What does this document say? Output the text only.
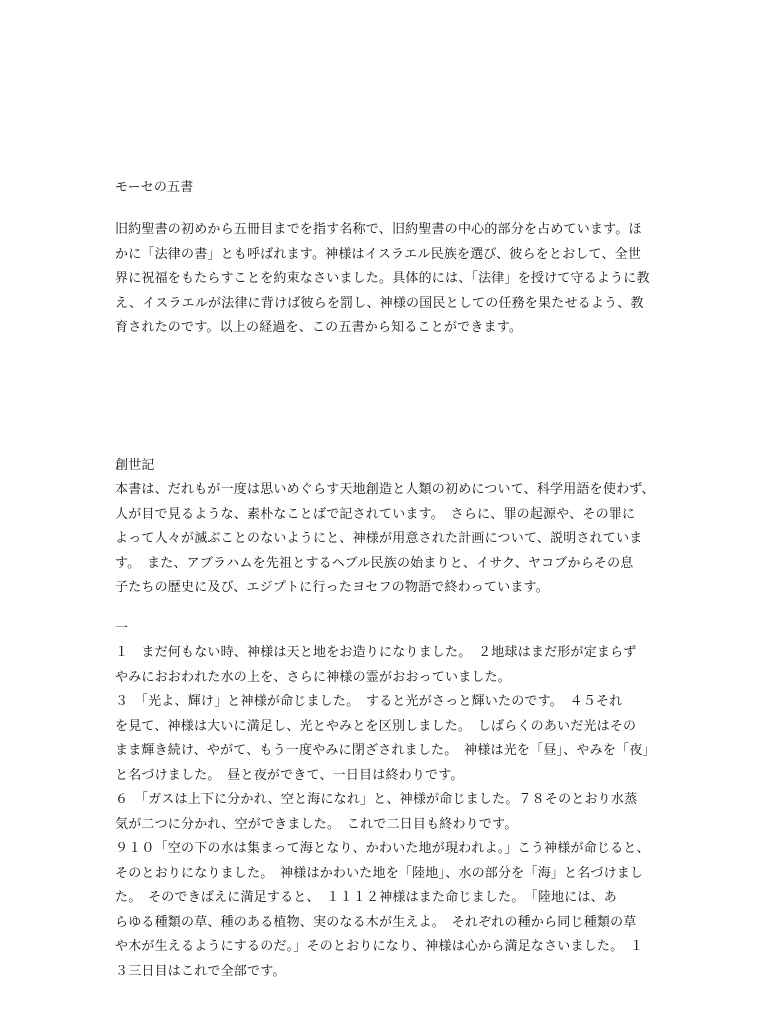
モーセの五書
旧約聖書の初めから五冊目までを指す名称で、旧約聖書の中心的部分を占めています。ほ
かに「法律の書」とも呼ばれます。神様はイスラエル民族を選び、彼らをとおして、全世
界に祝福をもたらすことを約束なさいました。具体的には、「法律」を授けて守るように教
え、イスラエルが法律に背けば彼らを罰し、神様の国民としての任務を果たせるよう、教
育されたのです。以上の経過を、この五書から知ることができます。
創世記
本書は、だれもが一度は思いめぐらす天地創造と人類の初めについて、科学用語を使わず、
人が目で見るような、素朴なことばで記されています。　さらに、罪の起源や、その罪に
よって人々が滅ぶことのないようにと、神様が用意された計画について、説明されていま
す。　また、アブラハムを先祖とするヘブル民族の始まりと、イサク、ヤコブからその息
子たちの歴史に及び、エジプトに行ったヨセフの物語で終わっています。
一
１　まだ何もない時、神様は天と地をお造りになりました。　２地球はまだ形が定まらず
やみにおおわれた水の上を、さらに神様の霊がおおっていました。
３　「光よ、輝け」と神様が命じました。　すると光がさっと輝いたのです。　４５それ
を見て、神様は大いに満足し、光とやみとを区別しました。　しばらくのあいだ光はその
まま輝き続け、やがて、もう一度やみに閉ざされました。　神様は光を「昼」、やみを「夜」
と名づけました。　昼と夜ができて、一日目は終わりです。
６　「ガスは上下に分かれ、空と海になれ」と、神様が命じました。７８そのとおり水蒸
気が二つに分かれ、空ができました。　これで二日目も終わりです。
９１０「空の下の水は集まって海となり、かわいた地が現われよ。」こう神様が命じると、
そのとおりになりました。　神様はかわいた地を「陸地」、水の部分を「海」と名づけまし
た。　そのできばえに満足すると、　１１１２神様はまた命じました。　「陸地には、あ
らゆる種類の草、種のある植物、実のなる木が生えよ。　それぞれの種から同じ種類の草
や木が生えるようにするのだ。」そのとおりになり、神様は心から満足なさいました。　１
３三日目はこれで全部です。
